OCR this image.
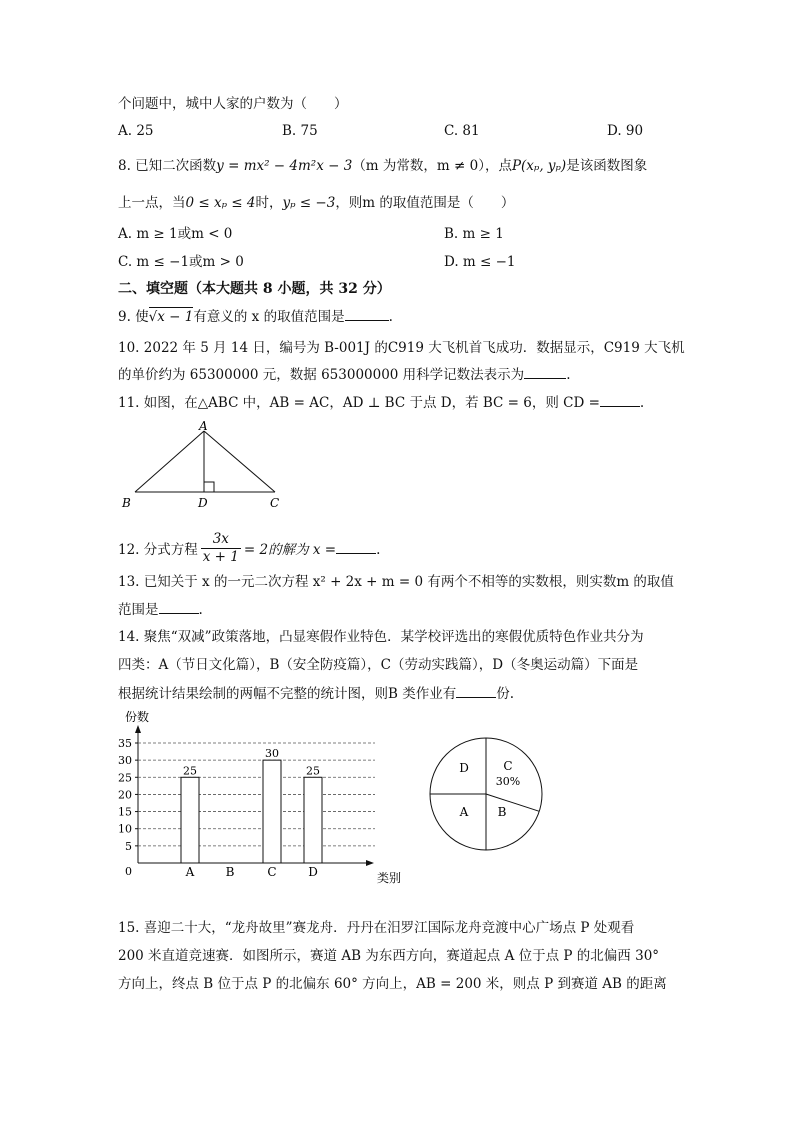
个问题中，城中人家的户数为（　　）
A. 25	B. 75	C. 81	D. 90
8. 已知二次函数y = mx² − 4m²x − 3（m 为常数，m ≠ 0），点P(xₚ, yₚ)是该函数图象
上一点，当0 ≤ xₚ ≤ 4时，yₚ ≤ −3，则m 的取值范围是（　　）
A. m ≥ 1或m < 0	B. m ≥ 1
C. m ≤ −1或m > 0	D. m ≤ −1
二、填空题（本大题共 8 小题，共 32 分）
9. 使√x − 1有意义的 x 的取值范围是	.
10. 2022 年 5 月 14 日，编号为 B-001J 的C919 大飞机首飞成功．数据显示，C919 大飞机
的单价约为 65300000 元，数据 653000000 用科学记数法表示为	.
11. 如图，在△ABC 中，AB = AC，AD ⊥ BC 于点 D，若 BC = 6，则 CD =	.
A
B	D	C
12. 分式方程 $\frac{3x}{x + 1} = 2$的解为 x =	.
13. 已知关于 x 的一元二次方程 x² + 2x + m = 0 有两个不相等的实数根，则实数m 的取值
范围是	.
14. 聚焦“双减”政策落地，凸显寒假作业特色．某学校评选出的寒假优质特色作业共分为
四类：A（节日文化篇），B（安全防疫篇），C（劳动实践篇），D（冬奥运动篇）下面是
根据统计结果绘制的两幅不完整的统计图，则B 类作业有	份.
份数
类别
0
5
10
15
20
25
30
35
A
25
B	C
30
D
25	C
30%
B
A
D
15. 喜迎二十大，“龙舟故里”赛龙舟．丹丹在汨罗江国际龙舟竞渡中心广场点 P 处观看
200 米直道竞速赛．如图所示，赛道 AB 为东西方向，赛道起点 A 位于点 P 的北偏西 30°
方向上，终点 B 位于点 P 的北偏东 60° 方向上，AB = 200 米，则点 P 到赛道 AB 的距离
